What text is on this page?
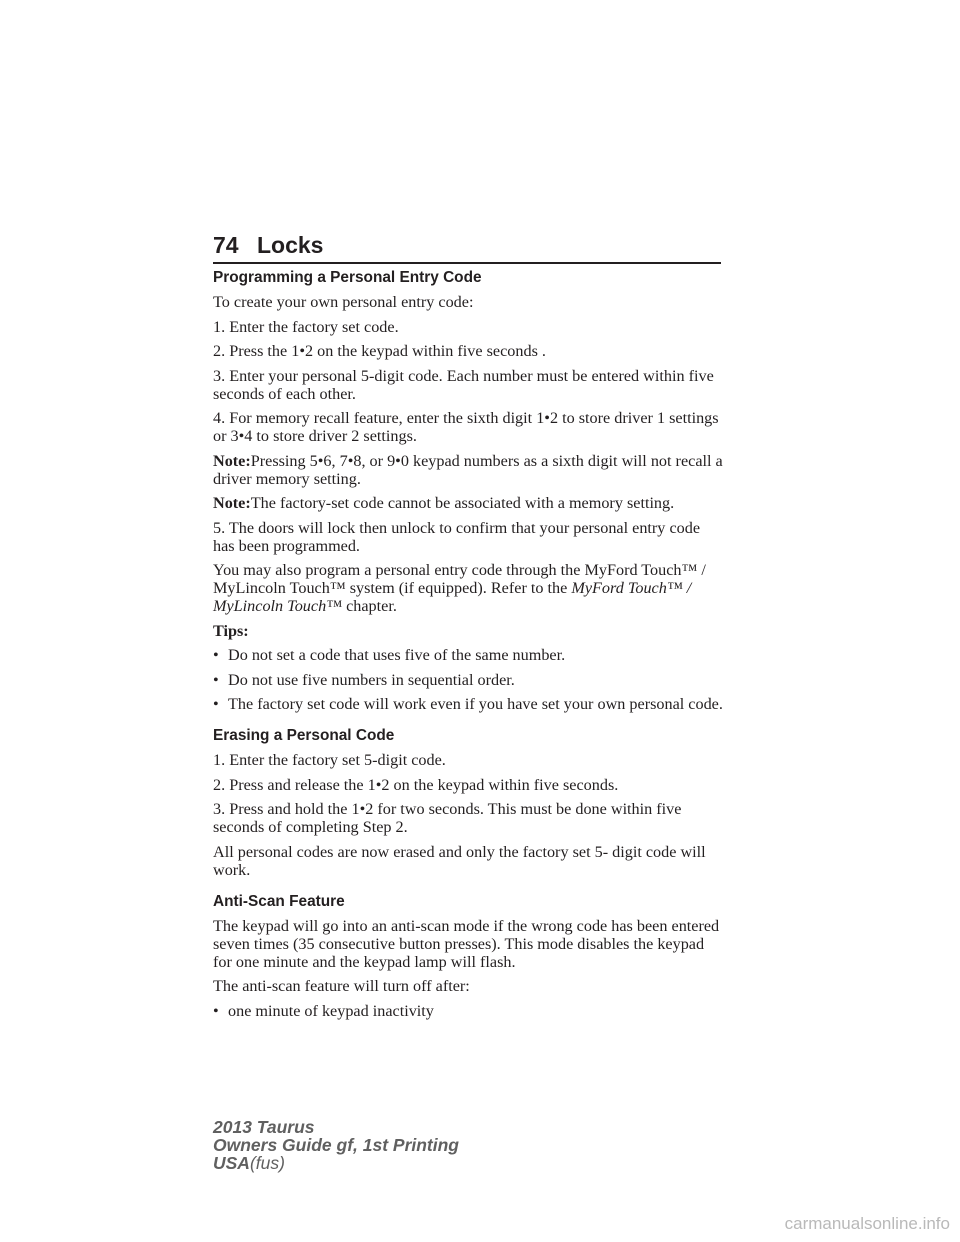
74 Locks
Programming a Personal Entry Code

To create your own personal entry code:

1. Enter the factory set code.

2. Press the 1•2 on the keypad within five seconds .

3. Enter your personal 5-digit code. Each number must be entered within five seconds of each other.

4. For memory recall feature, enter the sixth digit 1•2 to store driver 1 settings or 3•4 to store driver 2 settings.

Note:Pressing 5•6, 7•8, or 9•0 keypad numbers as a sixth digit will not recall a driver memory setting.

Note:The factory-set code cannot be associated with a memory setting.

5. The doors will lock then unlock to confirm that your personal entry code has been programmed.

You may also program a personal entry code through the MyFord Touch™ / MyLincoln Touch™ system (if equipped). Refer to the MyFord Touch™ / MyLincoln Touch™ chapter.

Tips:

• Do not set a code that uses five of the same number.
• Do not use five numbers in sequential order.
• The factory set code will work even if you have set your own personal code.
Erasing a Personal Code

1. Enter the factory set 5-digit code.

2. Press and release the 1•2 on the keypad within five seconds.

3. Press and hold the 1•2 for two seconds. This must be done within five seconds of completing Step 2.

All personal codes are now erased and only the factory set 5- digit code will work.

Anti-Scan Feature

The keypad will go into an anti-scan mode if the wrong code has been entered seven times (35 consecutive button presses). This mode disables the keypad for one minute and the keypad lamp will flash.

The anti-scan feature will turn off after:

• one minute of keypad inactivity
2013 Taurus
Owners Guide gf, 1st Printing
USA(fus)
carmanualsonline.info
